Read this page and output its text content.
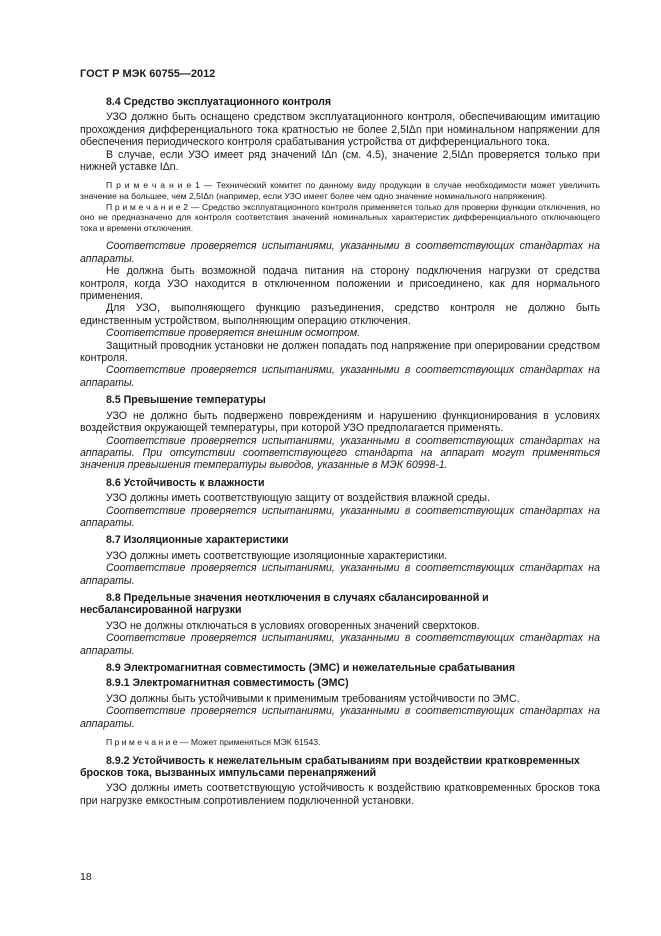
ГОСТ Р МЭК 60755—2012

8.4 Средство эксплуатационного контроля

УЗО должно быть оснащено средством эксплуатационного контроля, обеспечивающим имитацию прохождения дифференциального тока кратностью не более 2,5IΔn при номинальном напряжении для обеспечения периодического контроля срабатывания устройства от дифференциального тока.

В случае, если УЗО имеет ряд значений IΔn (см. 4.5), значение 2,5IΔn проверяется только при нижней уставке IΔn.

П р и м е ч а н и е 1 — Технический комитет по данному виду продукции в случае необходимости может увеличить значение на большее, чем 2,5IΔn (например, если УЗО имеет более чем одно значение номинального напряжения).

П р и м е ч а н и е 2 — Средство эксплуатационного контроля применяется только для проверки функции отключения, но оно не предназначено для контроля соответствия значений номинальных характеристик дифференциального отключающего тока и времени отключения.

Соответствие проверяется испытаниями, указанными в соответствующих стандартах на аппараты.

Не должна быть возможной подача питания на сторону подключения нагрузки от средства контроля, когда УЗО находится в отключенном положении и присоединено, как для нормального применения.

Для УЗО, выполняющего функцию разъединения, средство контроля не должно быть единственным устройством, выполняющим операцию отключения.

Соответствие проверяется внешним осмотром.

Защитный проводник установки не должен попадать под напряжение при оперировании средством контроля.

Соответствие проверяется испытаниями, указанными в соответствующих стандартах на аппараты.

8.5 Превышение температуры

УЗО не должно быть подвержено повреждениям и нарушению функционирования в условиях воздействия окружающей температуры, при которой УЗО предполагается применять.

Соответствие проверяется испытаниями, указанными в соответствующих стандартах на аппараты. При отсутствии соответствующего стандарта на аппарат могут применяться значения превышения температуры выводов, указанные в МЭК 60998-1.

8.6 Устойчивость к влажности

УЗО должны иметь соответствующую защиту от воздействия влажной среды.

Соответствие проверяется испытаниями, указанными в соответствующих стандартах на аппараты.

8.7 Изоляционные характеристики

УЗО должны иметь соответствующие изоляционные характеристики.

Соответствие проверяется испытаниями, указанными в соответствующих стандартах на аппараты.

8.8 Предельные значения неотключения в случаях сбалансированной и несбалансированной нагрузки

УЗО не должны отключаться в условиях оговоренных значений сверхтоков.

Соответствие проверяется испытаниями, указанными в соответствующих стандартах на аппараты.

8.9 Электромагнитная совместимость (ЭМС) и нежелательные срабатывания

8.9.1 Электромагнитная совместимость (ЭМС)

УЗО должны быть устойчивыми к применимым требованиям устойчивости по ЭМС.

Соответствие проверяется испытаниями, указанными в соответствующих стандартах на аппараты.

П р и м е ч а н и е — Может применяться МЭК 61543.

8.9.2 Устойчивость к нежелательным срабатываниям при воздействии кратковременных бросков тока, вызванных импульсами перенапряжений

УЗО должны иметь соответствующую устойчивость к воздействию кратковременных бросков тока при нагрузке емкостным сопротивлением подключенной установки.

18
